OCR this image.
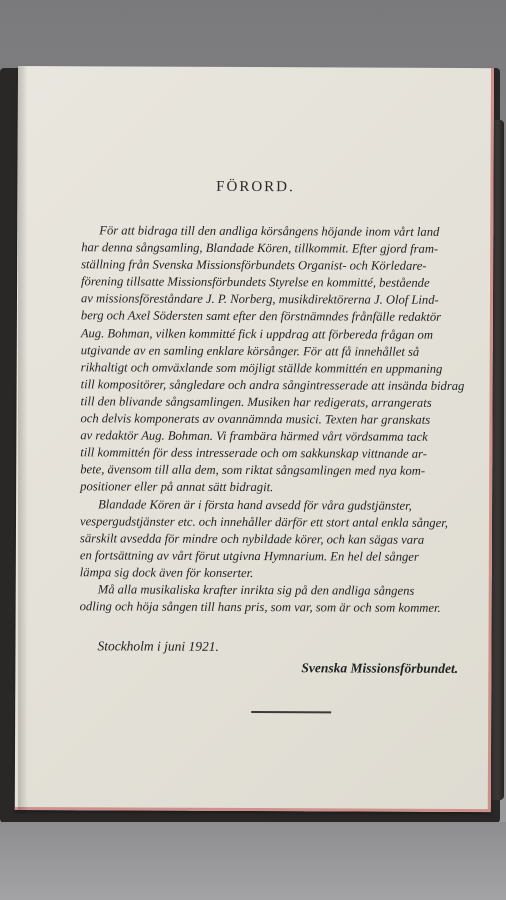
FÖRORD.
För att bidraga till den andliga körsångens höjande inom vårt land
har denna sångsamling, Blandade Kören, tillkommit. Efter gjord fram-
ställning från Svenska Missionsförbundets Organist- och Körledare-
förening tillsatte Missionsförbundets Styrelse en kommitté, bestående
av missionsföreståndare J. P. Norberg, musikdirektörerna J. Olof Lind-
berg och Axel Södersten samt efter den förstnämndes frånfälle redaktör
Aug. Bohman, vilken kommitté fick i uppdrag att förbereda frågan om
utgivande av en samling enklare körsånger. För att få innehållet så
rikhaltigt och omväxlande som möjligt ställde kommittén en uppmaning
till kompositörer, sångledare och andra sångintresserade att insända bidrag
till den blivande sångsamlingen. Musiken har redigerats, arrangerats
och delvis komponerats av ovannämnda musici. Texten har granskats
av redaktör Aug. Bohman. Vi frambära härmed vårt vördsamma tack
till kommittén för dess intresserade och om sakkunskap vittnande ar-
bete, ävensom till alla dem, som riktat sångsamlingen med nya kom-
positioner eller på annat sätt bidragit.
Blandade Kören är i första hand avsedd för våra gudstjänster,
vespergudstjänster etc. och innehåller därför ett stort antal enkla sånger,
särskilt avsedda för mindre och nybildade körer, och kan sägas vara
en fortsättning av vårt förut utgivna Hymnarium. En hel del sånger
lämpa sig dock även för konserter.
Må alla musikaliska krafter inrikta sig på den andliga sångens
odling och höja sången till hans pris, som var, som är och som kommer.
Stockholm i juni 1921.
Svenska Missionsförbundet.
